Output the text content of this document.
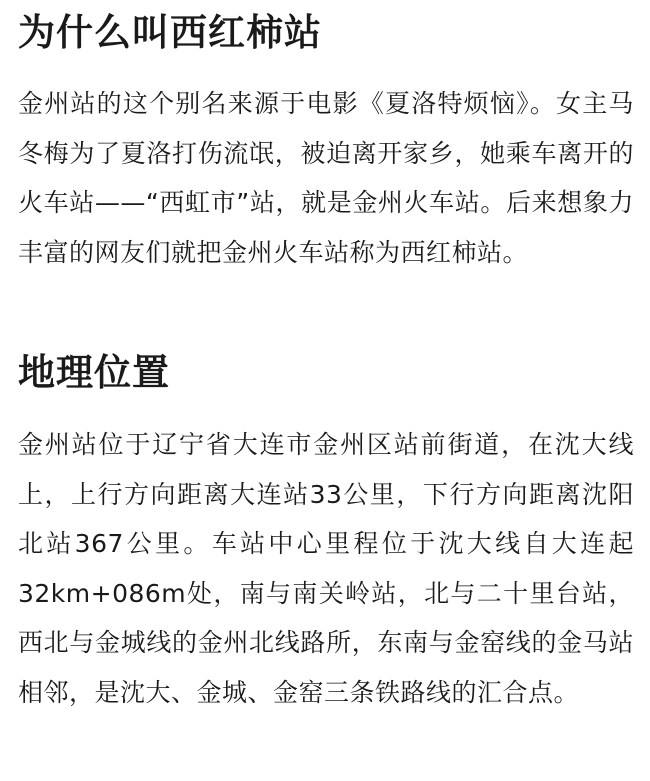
为什么叫西红柿站

金州站的这个别名来源于电影《夏洛特烦恼》。女主马冬梅为了夏洛打伤流氓，被迫离开家乡，她乘车离开的火车站——“西虹市”站，就是金州火车站。后来想象力丰富的网友们就把金州火车站称为西红柿站。

地理位置

金州站位于辽宁省大连市金州区站前街道，在沈大线上，上行方向距离大连站33公里，下行方向距离沈阳北站367公里。车站中心里程位于沈大线自大连起32km+086m处，南与南关岭站，北与二十里台站，西北与金城线的金州北线路所，东南与金窑线的金马站相邻，是沈大、金城、金窑三条铁路线的汇合点。
